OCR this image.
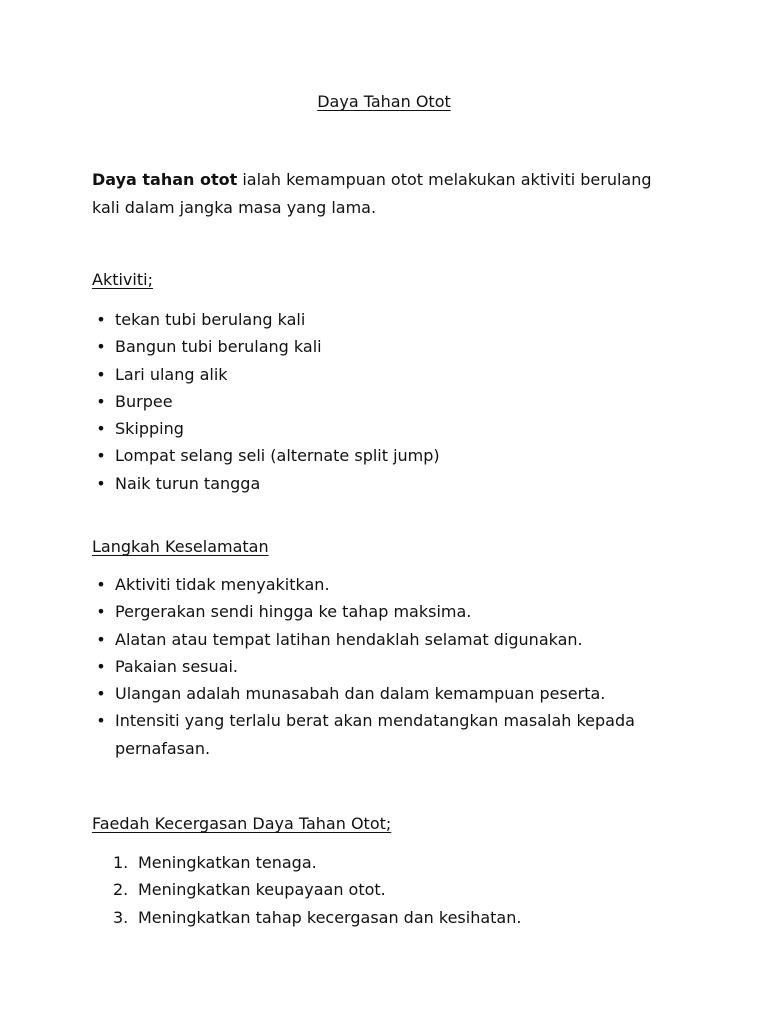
Daya Tahan Otot

Daya tahan otot ialah kemampuan otot melakukan aktiviti berulang kali dalam jangka masa yang lama.

Aktiviti;
• tekan tubi berulang kali
• Bangun tubi berulang kali
• Lari ulang alik
• Burpee
• Skipping
• Lompat selang seli (alternate split jump)
• Naik turun tangga
Langkah Keselamatan
• Aktiviti tidak menyakitkan.
• Pergerakan sendi hingga ke tahap maksima.
• Alatan atau tempat latihan hendaklah selamat digunakan.
• Pakaian sesuai.
• Ulangan adalah munasabah dan dalam kemampuan peserta.
• Intensiti yang terlalu berat akan mendatangkan masalah kepada pernafasan.
Faedah Kecergasan Daya Tahan Otot;
1. Meningkatkan tenaga.
2. Meningkatkan keupayaan otot.
3. Meningkatkan tahap kecergasan dan kesihatan.
